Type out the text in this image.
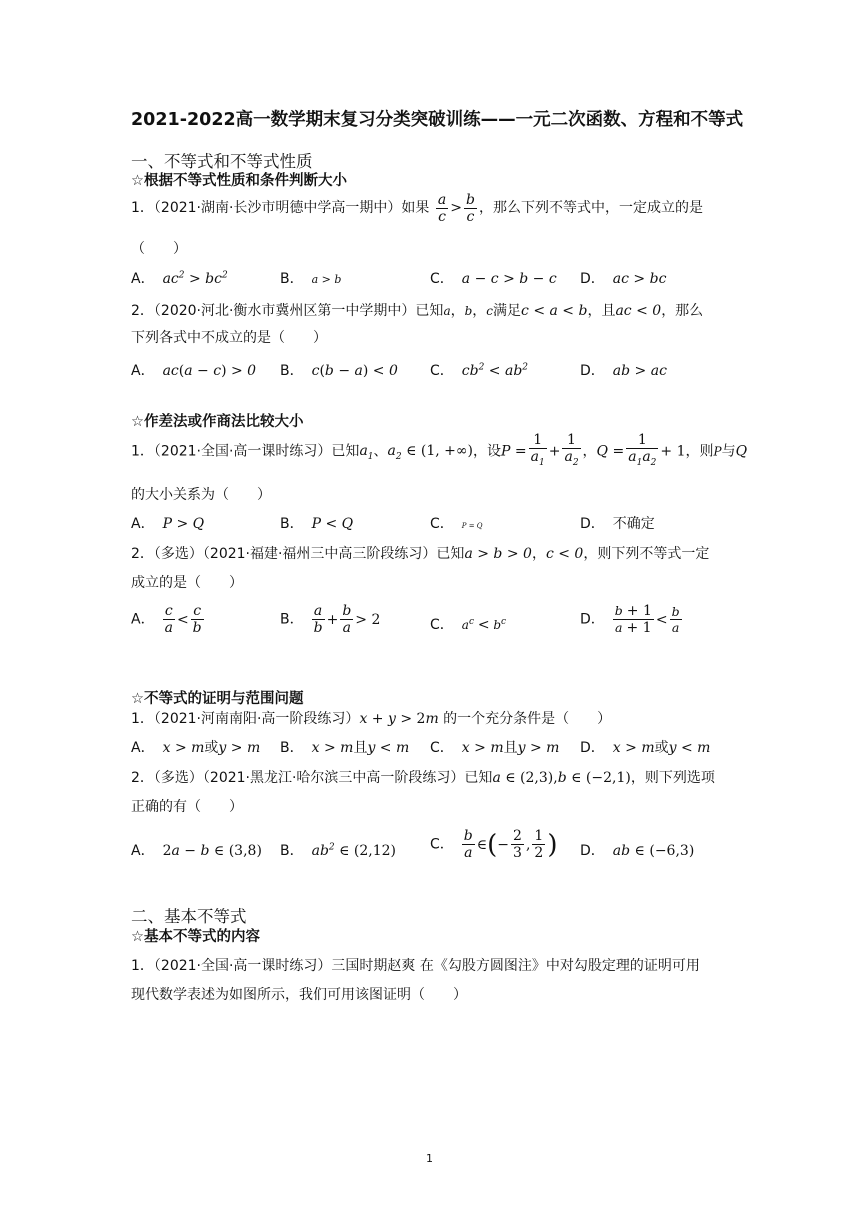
2021-2022高一数学期末复习分类突破训练——一元二次函数、方程和不等式
一、不等式和不等式性质
☆根据不等式性质和条件判断大小
1．（2021·湖南·长沙市明德中学高一期中）如果 $\frac{a}{c} > \frac{b}{c}$ ，那么下列不等式中，一定成立的是
（　　）
A． $ac^2 > bc^2$	B． a > b	C． a − c > b − c D． ac > bc
2．（2020·河北·衡水市冀州区第一中学期中）已知a，b，c满足c < a < b，且ac < 0，那么
下列各式中不成立的是（　　）
A． ac(a − c) > 0 B． c(b − a) < 0 C． $cb^2 < ab^2$	D． ab > ac
☆作差法或作商法比较大小
1．（2021·全国·高一课时练习）已知$a_1$、$a_2$ ∈ (1, +∞)，设$P = \frac{1}{a_1} + \frac{1}{a_2}$ ，$Q = \frac{1}{a_1a_2} + 1$，则P与Q
的大小关系为（　　）
A． P > Q	B． P < Q	C． P = Q	D． 不确定
2．（多选）（2021·福建·福州三中高三阶段练习）已知a > b > 0，c < 0，则下列不等式一定
成立的是（　　）
A． $\frac{c}{a} < \frac{c}{b}$	B． $\frac{a}{b} + \frac{b}{a} > 2$	C． $a^c < b^c$	D． $\frac{b + 1}{a + 1} < \frac{b}{a}$
☆不等式的证明与范围问题
1．（2021·河南南阳·高一阶段练习）x + y > 2m 的一个充分条件是（　　）
A． x > m或y > m B． x > m且y < m C． x > m且y > m D． x > m或y < m
2．（多选）（2021·黑龙江·哈尔滨三中高一阶段练习）已知a ∈ (2,3),b ∈ (−2,1)，则下列选项
正确的有（　　）
A． 2a − b ∈ (3,8) B． $ab^2$ ∈ (2,12) C． $\frac{b}{a}$ ∈(− $\frac{2}{3}$ , $\frac{1}{2}$ ) D． ab ∈ (−6,3)
二、基本不等式
☆基本不等式的内容
1．（2021·全国·高一课时练习）三国时期赵爽 在《勾股方圆图注》中对勾股定理的证明可用
现代数学表述为如图所示，我们可用该图证明（　　）
1
